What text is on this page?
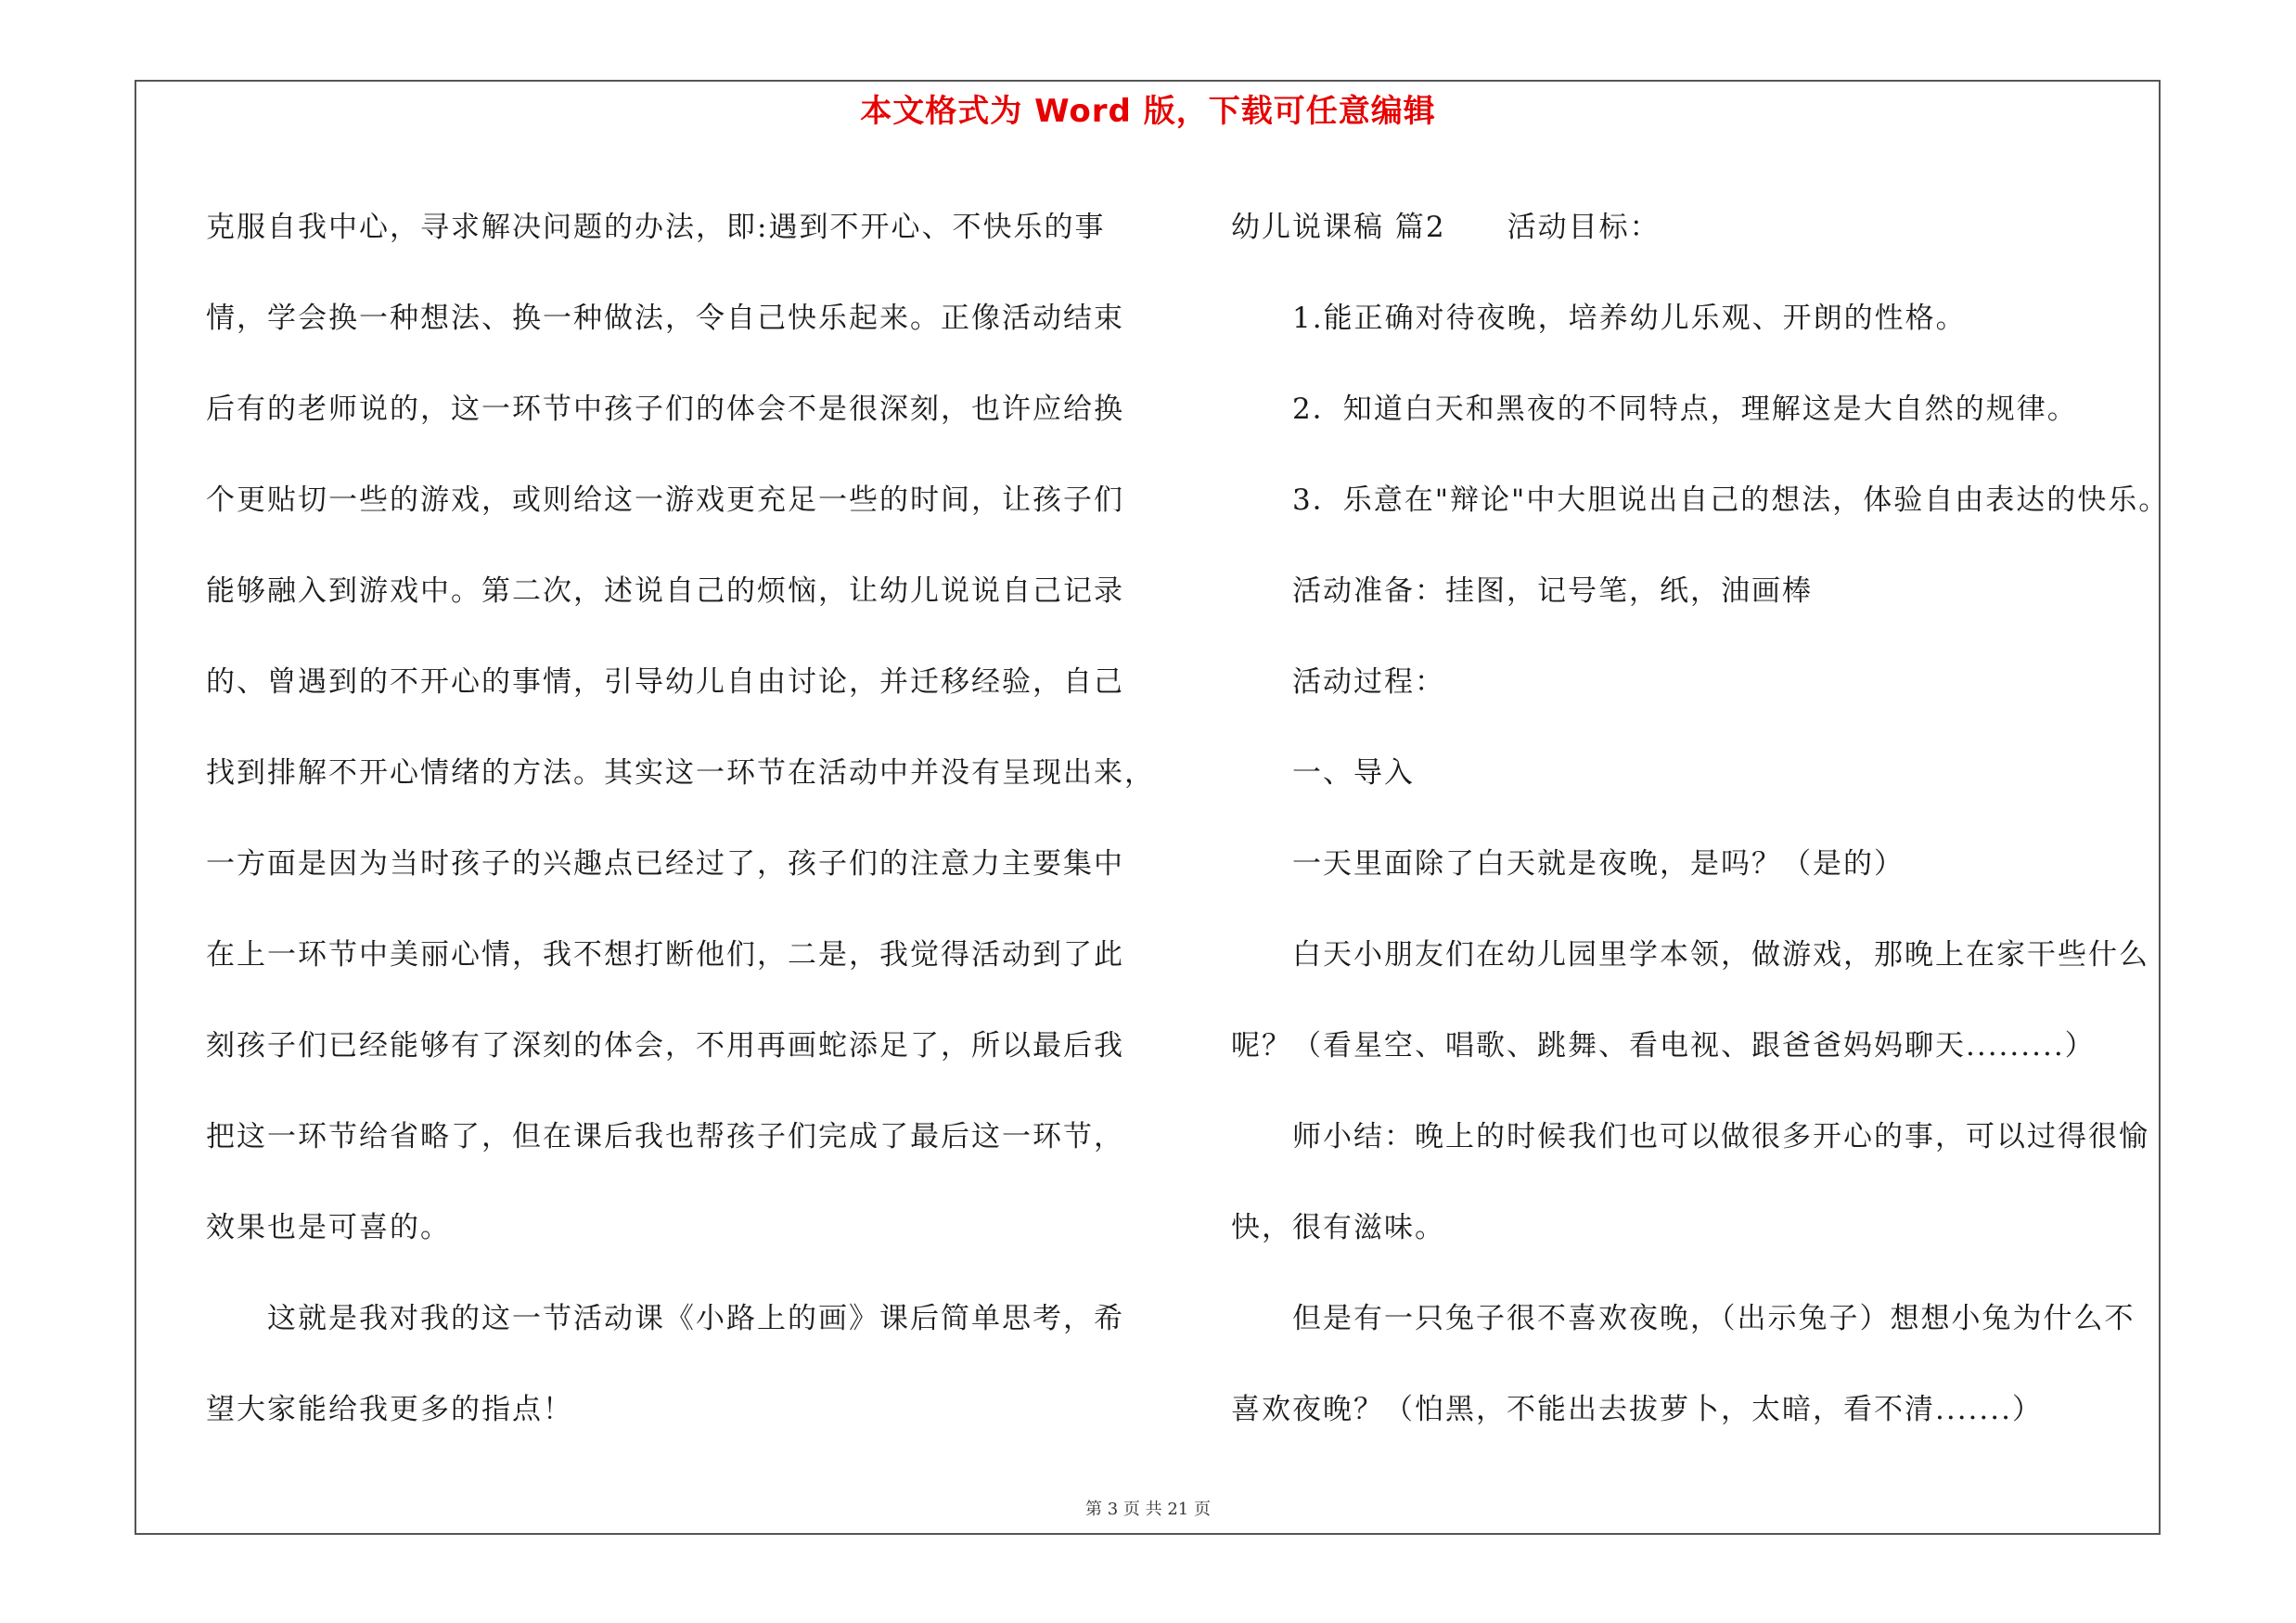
本文格式为 Word 版，下载可任意编辑
克服自我中心，寻求解决问题的办法，即:遇到不开心、不快乐的事
情，学会换一种想法、换一种做法，令自己快乐起来。正像活动结束
后有的老师说的，这一环节中孩子们的体会不是很深刻，也许应给换
个更贴切一些的游戏，或则给这一游戏更充足一些的时间，让孩子们
能够融入到游戏中。第二次，述说自己的烦恼，让幼儿说说自己记录
的、曾遇到的不开心的事情，引导幼儿自由讨论，并迁移经验，自己
找到排解不开心情绪的方法。其实这一环节在活动中并没有呈现出来，
一方面是因为当时孩子的兴趣点已经过了，孩子们的注意力主要集中
在上一环节中美丽心情，我不想打断他们，二是，我觉得活动到了此
刻孩子们已经能够有了深刻的体会，不用再画蛇添足了，所以最后我
把这一环节给省略了，但在课后我也帮孩子们完成了最后这一环节，
效果也是可喜的。
　　这就是我对我的这一节活动课《小路上的画》课后简单思考，希
望大家能给我更多的指点！
幼儿说课稿 篇2　　活动目标：
　　1.能正确对待夜晚，培养幼儿乐观、开朗的性格。
　　2．知道白天和黑夜的不同特点，理解这是大自然的规律。
　　3．乐意在"辩论"中大胆说出自己的想法，体验自由表达的快乐。
　　活动准备：挂图，记号笔，纸，油画棒
　　活动过程：
　　一、导入
　　一天里面除了白天就是夜晚，是吗？（是的）
　　白天小朋友们在幼儿园里学本领，做游戏，那晚上在家干些什么
呢？（看星空、唱歌、跳舞、看电视、跟爸爸妈妈聊天.........）
　　师小结：晚上的时候我们也可以做很多开心的事，可以过得很愉
快，很有滋味。
　　但是有一只兔子很不喜欢夜晚，（出示兔子）想想小兔为什么不
喜欢夜晚？（怕黑，不能出去拔萝卜，太暗，看不清.......）
第 3 页 共 21 页
